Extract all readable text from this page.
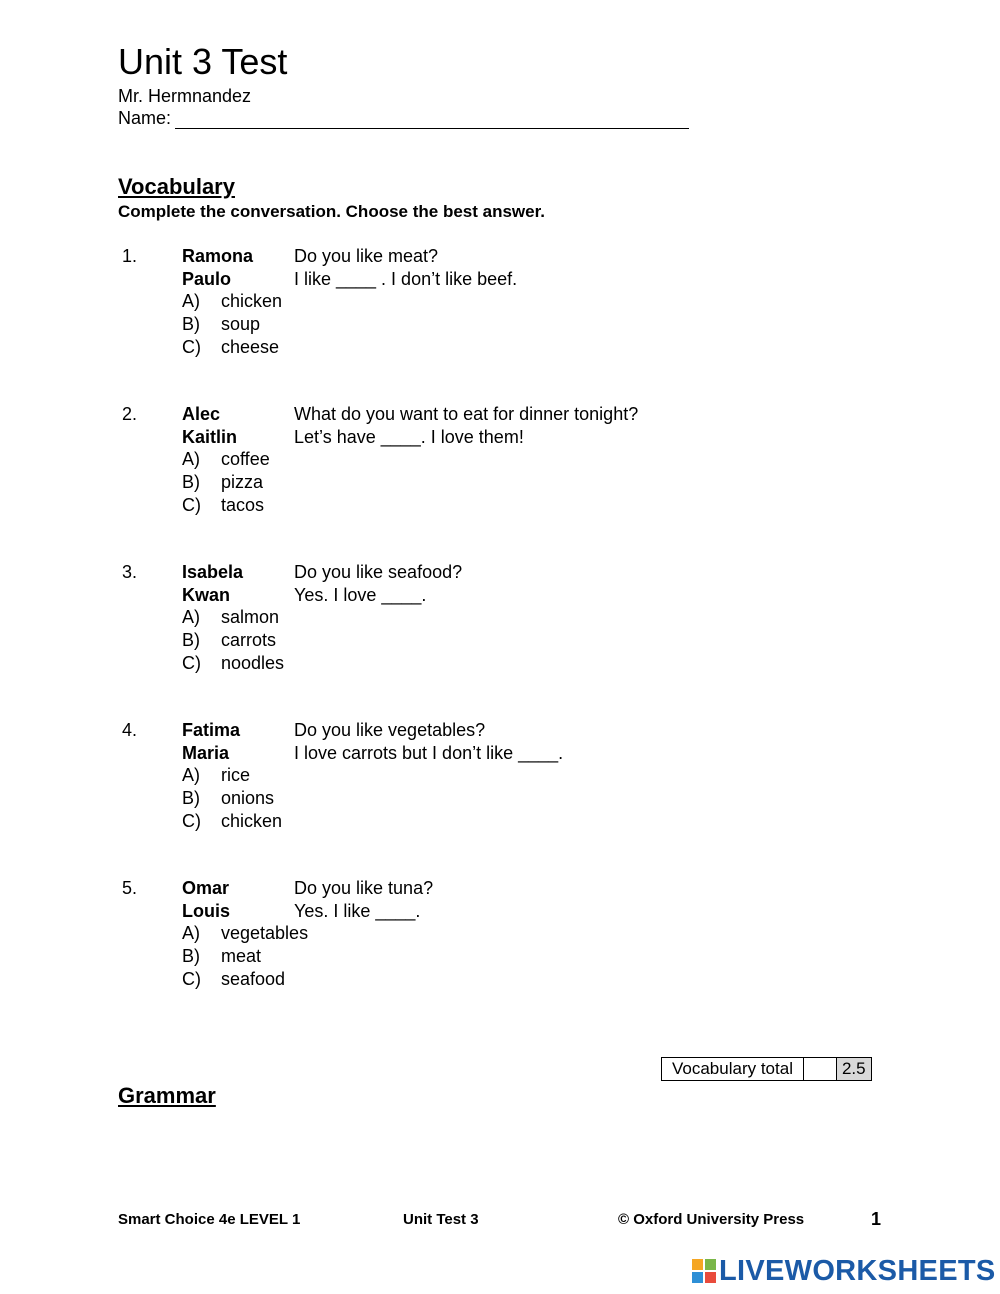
Unit 3 Test
Mr. Hermnandez
Name:
Vocabulary
Complete the conversation. Choose the best answer.
1.	Ramona	Do you like meat?
Paulo	I like ____ . I don’t like beef.
A)	chicken
B)	soup
C)	cheese
2.	Alec	What do you want to eat for dinner tonight?
Kaitlin	Let’s have ____. I love them!
A)	coffee
B)	pizza
C)	tacos
3.	Isabela	Do you like seafood?
Kwan	Yes. I love ____.
A)	salmon
B)	carrots
C)	noodles
4.	Fatima	Do you like vegetables?
Maria	I love carrots but I don’t like ____.
A)	rice
B)	onions
C)	chicken
5.	Omar	Do you like tuna?
Louis	Yes. I like ____.
A)	vegetables
B)	meat
C)	seafood
Vocabulary total		2.5
Grammar
Smart Choice 4e LEVEL 1	Unit Test 3	© Oxford University Press	1
LIVEWORKSHEETS
